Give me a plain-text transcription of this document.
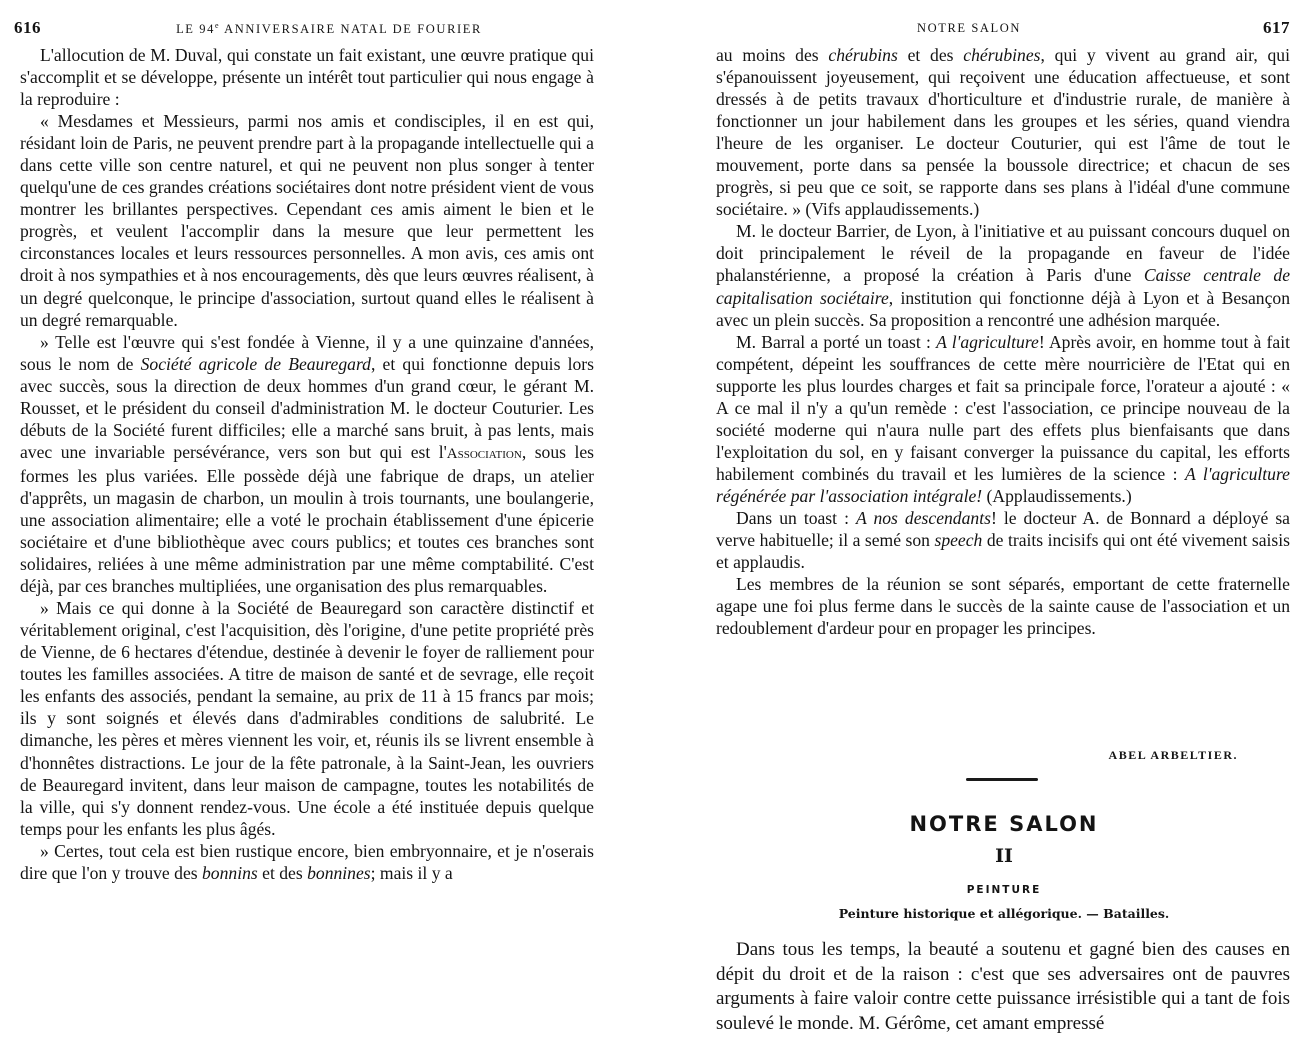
616	LE 94e ANNIVERSAIRE NATAL DE FOURIER

L'allocution de M. Duval, qui constate un fait existant, une œuvre pratique qui s'accomplit et se développe, présente un intérêt tout particulier qui nous engage à la reproduire :

« Mesdames et Messieurs, parmi nos amis et condisciples, il en est qui, résidant loin de Paris, ne peuvent prendre part à la propagande intellectuelle qui a dans cette ville son centre naturel, et qui ne peuvent non plus songer à tenter quelqu'une de ces grandes créations sociétaires dont notre président vient de vous montrer les brillantes perspectives. Cependant ces amis aiment le bien et le progrès, et veulent l'accomplir dans la mesure que leur permettent les circonstances locales et leurs ressources personnelles. A mon avis, ces amis ont droit à nos sympathies et à nos encouragements, dès que leurs œuvres réalisent, à un degré quelconque, le principe d'association, surtout quand elles le réalisent à un degré remarquable.

» Telle est l'œuvre qui s'est fondée à Vienne, il y a une quinzaine d'années, sous le nom de Société agricole de Beauregard, et qui fonctionne depuis lors avec succès, sous la direction de deux hommes d'un grand cœur, le gérant M. Rousset, et le président du conseil d'administration M. le docteur Couturier. Les débuts de la Société furent difficiles; elle a marché sans bruit, à pas lents, mais avec une invariable persévérance, vers son but qui est l'Association, sous les formes les plus variées. Elle possède déjà une fabrique de draps, un atelier d'apprêts, un magasin de charbon, un moulin à trois tournants, une boulangerie, une association alimentaire; elle a voté le prochain établissement d'une épicerie sociétaire et d'une bibliothèque avec cours publics; et toutes ces branches sont solidaires, reliées à une même administration par une même comptabilité. C'est déjà, par ces branches multipliées, une organisation des plus remarquables.

» Mais ce qui donne à la Société de Beauregard son caractère distinctif et véritablement original, c'est l'acquisition, dès l'origine, d'une petite propriété près de Vienne, de 6 hectares d'étendue, destinée à devenir le foyer de ralliement pour toutes les familles associées. A titre de maison de santé et de sevrage, elle reçoit les enfants des associés, pendant la semaine, au prix de 11 à 15 francs par mois; ils y sont soignés et élevés dans d'admirables conditions de salubrité. Le dimanche, les pères et mères viennent les voir, et, réunis ils se livrent ensemble à d'honnêtes distractions. Le jour de la fête patronale, à la Saint-Jean, les ouvriers de Beauregard invitent, dans leur maison de campagne, toutes les notabilités de la ville, qui s'y donnent rendez-vous. Une école a été instituée depuis quelque temps pour les enfants les plus âgés.

» Certes, tout cela est bien rustique encore, bien embryonnaire, et je n'oserais dire que l'on y trouve des bonnins et des bonnines; mais il y a

NOTRE SALON	617

au moins des chérubins et des chérubines, qui y vivent au grand air, qui s'épanouissent joyeusement, qui reçoivent une éducation affectueuse, et sont dressés à de petits travaux d'horticulture et d'industrie rurale, de manière à fonctionner un jour habilement dans les groupes et les séries, quand viendra l'heure de les organiser. Le docteur Couturier, qui est l'âme de tout le mouvement, porte dans sa pensée la boussole directrice; et chacun de ses progrès, si peu que ce soit, se rapporte dans ses plans à l'idéal d'une commune sociétaire. » (Vifs applaudissements.)

M. le docteur Barrier, de Lyon, à l'initiative et au puissant concours duquel on doit principalement le réveil de la propagande en faveur de l'idée phalanstérienne, a proposé la création à Paris d'une Caisse centrale de capitalisation sociétaire, institution qui fonctionne déjà à Lyon et à Besançon avec un plein succès. Sa proposition a rencontré une adhésion marquée.

M. Barral a porté un toast : A l'agriculture! Après avoir, en homme tout à fait compétent, dépeint les souffrances de cette mère nourricière de l'Etat qui en supporte les plus lourdes charges et fait sa principale force, l'orateur a ajouté : « A ce mal il n'y a qu'un remède : c'est l'association, ce principe nouveau de la société moderne qui n'aura nulle part des effets plus bienfaisants que dans l'exploitation du sol, en y faisant converger la puissance du capital, les efforts habilement combinés du travail et les lumières de la science : A l'agriculture régénérée par l'association intégrale! (Applaudissements.)

Dans un toast : A nos descendants! le docteur A. de Bonnard a déployé sa verve habituelle; il a semé son speech de traits incisifs qui ont été vivement saisis et applaudis.

Les membres de la réunion se sont séparés, emportant de cette fraternelle agape une foi plus ferme dans le succès de la sainte cause de l'association et un redoublement d'ardeur pour en propager les principes.

ABEL ARBELTIER.
NOTRE SALON
II
PEINTURE
Peinture historique et allégorique. — Batailles.

Dans tous les temps, la beauté a soutenu et gagné bien des causes en dépit du droit et de la raison : c'est que ses adversaires ont de pauvres arguments à faire valoir contre cette puissance irrésistible qui a tant de fois soulevé le monde. M. Gérôme, cet amant empressé
